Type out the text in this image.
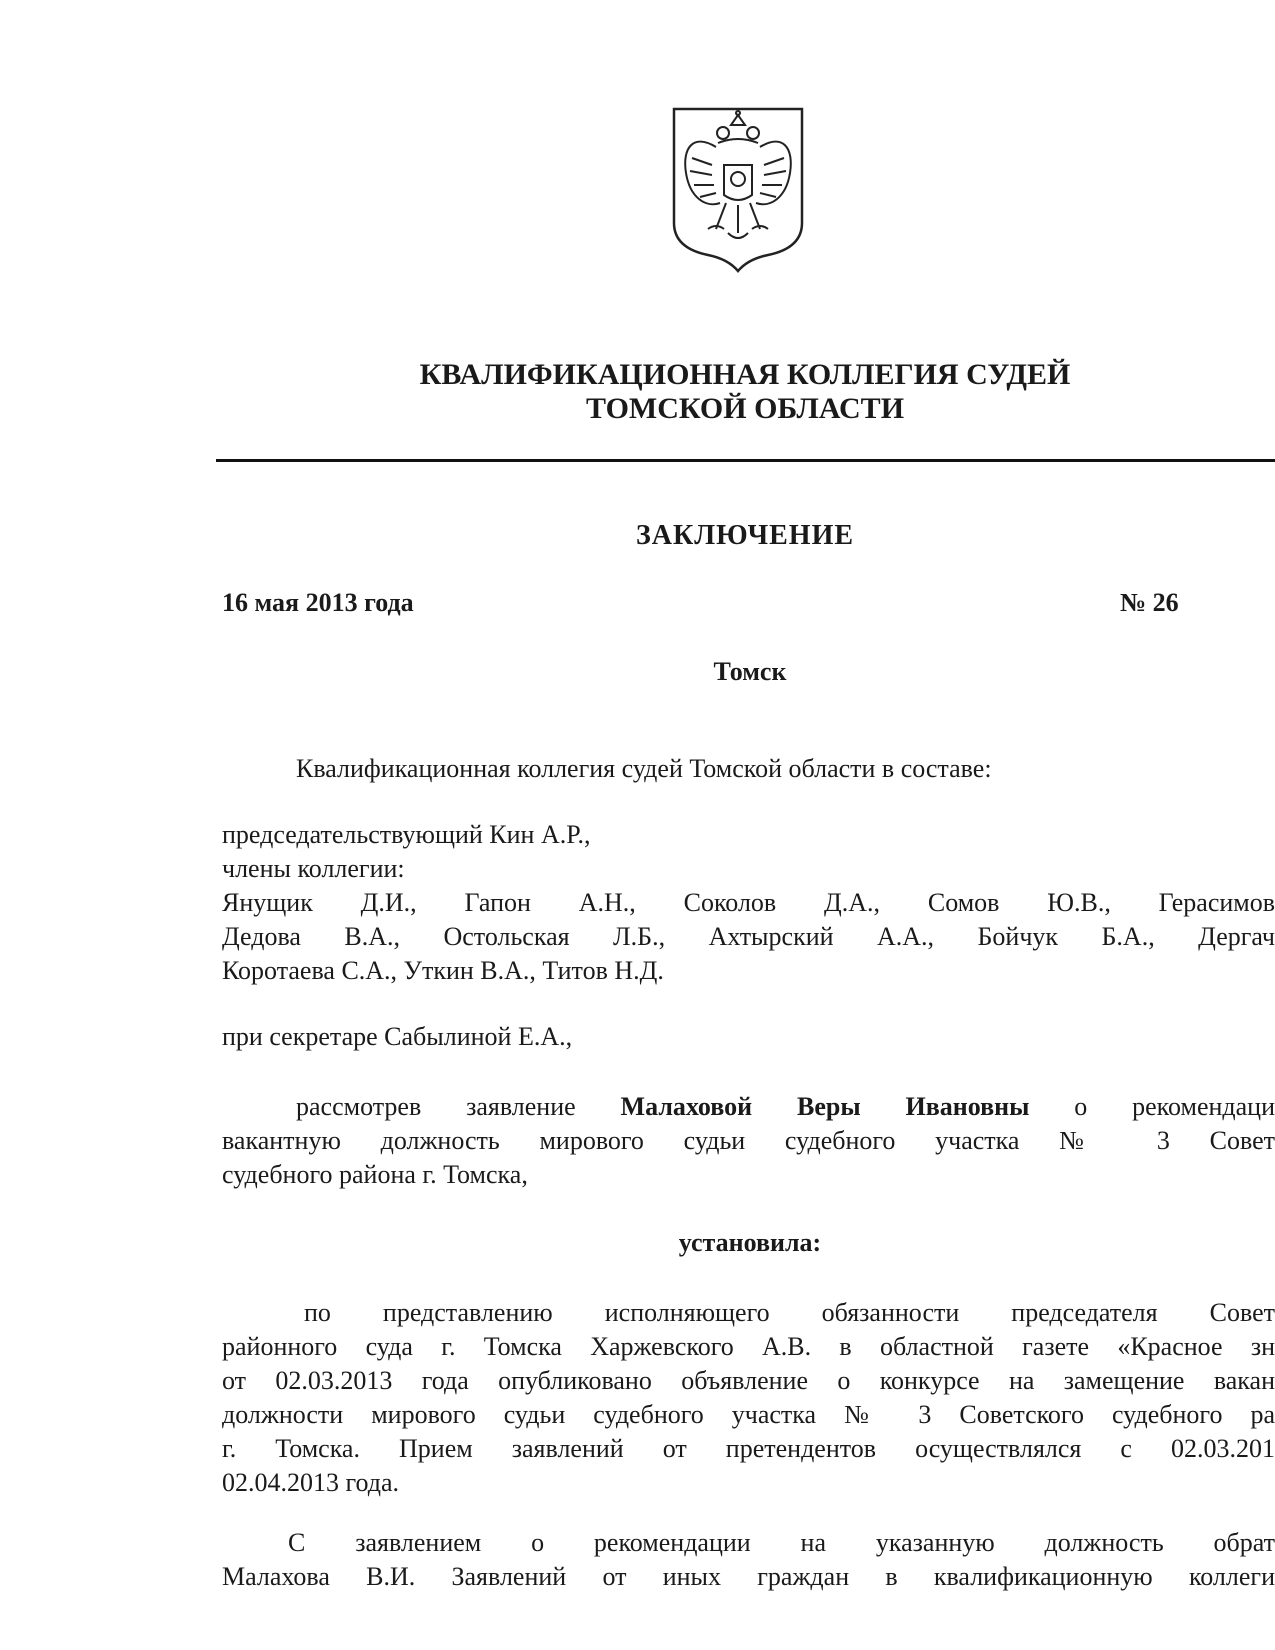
КВАЛИФИКАЦИОННАЯ КОЛЛЕГИЯ СУДЕЙ
ТОМСКОЙ ОБЛАСТИ
ЗАКЛЮЧЕНИЕ
16 мая 2013 года	№ 26
Томск
Квалификационная коллегия судей Томской области в составе:
председательствующий Кин А.Р.,
члены коллегии:
Янущик Д.И., Гапон А.Н., Соколов Д.А., Сомов Ю.В., Герасимов
Дедова В.А., Остольская Л.Б., Ахтырский А.А., Бойчук Б.А., Дергач
Коротаева С.А., Уткин В.А., Титов Н.Д.
при секретаре Сабылиной Е.А.,
рассмотрев заявление Малаховой Веры Ивановны о рекомендаци
вакантную должность мирового судьи судебного участка № 3 Совет
судебного района г. Томска,
установила:
по представлению исполняющего обязанности председателя Совет
районного суда г. Томска Харжевского А.В. в областной газете «Красное зн
от 02.03.2013 года опубликовано объявление о конкурсе на замещение вакан
должности мирового судьи судебного участка № 3 Советского судебного ра
г. Томска. Прием заявлений от претендентов осуществлялся с 02.03.201
02.04.2013 года.
С заявлением о рекомендации на указанную должность обрат
Малахова В.И. Заявлений от иных граждан в квалификационную коллеги
